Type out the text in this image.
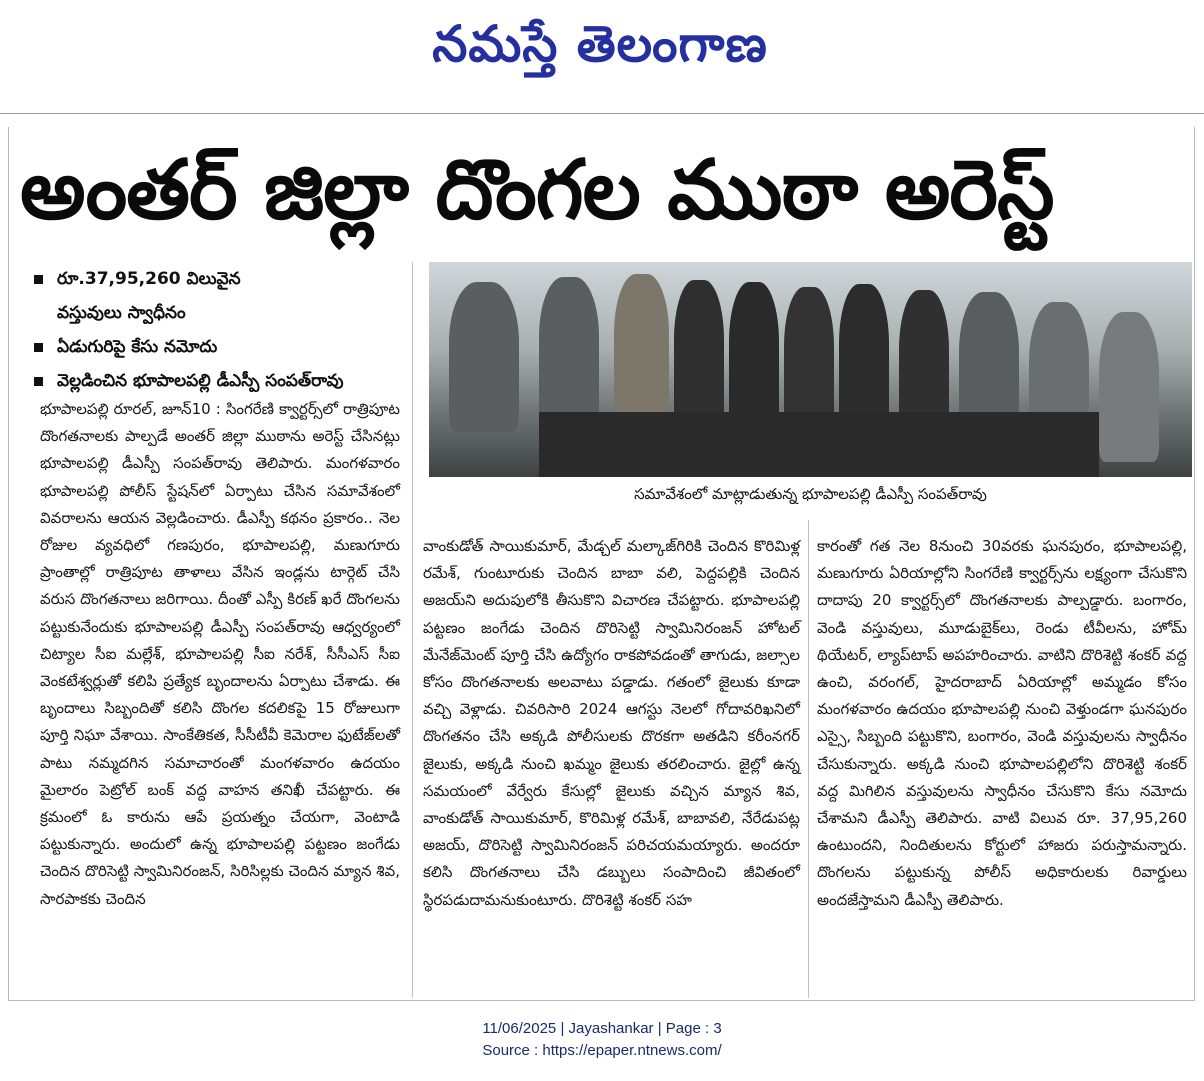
నమస్తే తెలంగాణ
అంతర్ జిల్లా దొంగల ముఠా అరెస్ట్
రూ.37,95,260 విలువైన
వస్తువులు స్వాధీనం
ఏడుగురిపై కేసు నమోదు
వెల్లడించిన భూపాలపల్లి డీఎస్పీ సంపత్‌రావు
సమావేశంలో మాట్లాడుతున్న భూపాలపల్లి డీఎస్పీ సంపత్‌రావు

భూపాలపల్లి రూరల్, జూన్10 : సింగరేణి క్వార్టర్స్‌లో రాత్రిపూట దొంగతనాలకు పాల్పడే అంతర్ జిల్లా ముఠాను అరెస్ట్ చేసినట్లు భూపాలపల్లి డీఎస్పీ సంపత్‌రావు తెలిపారు. మంగళవారం భూపాలపల్లి పోలీస్ స్టేషన్‌లో ఏర్పాటు చేసిన సమావేశంలో వివరాలను ఆయన వెల్లడించారు. డీఎస్పీ కథనం ప్రకారం.. నెల రోజుల వ్యవధిలో గణపురం, భూపాలపల్లి, మణుగూరు ప్రాంతాల్లో రాత్రిపూట తాళాలు వేసిన ఇండ్లను టార్గెట్ చేసి వరుస దొంగతనాలు జరిగాయి. దీంతో ఎస్పీ కిరణ్ ఖరే దొంగలను పట్టుకునేందుకు భూపాలపల్లి డీఎస్పీ సంపత్‌రావు ఆధ్వర్యంలో చిట్యాల సీఐ మల్లేశ్, భూపాలపల్లి సీఐ నరేశ్, సీసీఎస్ సీఐ వెంకటేశ్వర్లుతో కలిపి ప్రత్యేక బృందాలను ఏర్పాటు చేశాడు. ఈ బృందాలు సిబ్బందితో కలిసి దొంగల కదలికపై 15 రోజులుగా పూర్తి నిఘా వేశాయి. సాంకేతికత, సీసీటీవీ కెమెరాల ఫుటేజ్‌లతో పాటు నమ్మదగిన సమాచారంతో మంగళవారం ఉదయం మైలారం పెట్రోల్ బంక్ వద్ద వాహన తనిఖీ చేపట్టారు. ఈ క్రమంలో ఓ కారును ఆపే ప్రయత్నం చేయగా, వెంటాడి పట్టుకున్నారు. అందులో ఉన్న భూపాలపల్లి పట్టణం జంగేడు చెందిన దొరిసెట్టి స్వామినిరంజన్, సిరిసిల్లకు చెందిన మ్యాన శివ, సారపాకకు చెందిన

వాంకుడోత్ సాయికుమార్, మేడ్చల్ మల్కాజ్‌గిరికి చెందిన కొరిమిళ్ల రమేశ్, గుంటూరుకు చెందిన బాబా వలి, పెద్దపల్లికి చెందిన అజయ్‌ని అదుపులోకి తీసుకొని విచారణ చేపట్టారు. భూపాలపల్లి పట్టణం జంగేడు చెందిన దొరిసెట్టి స్వామినిరంజన్ హోటల్ మేనేజ్‌మెంట్ పూర్తి చేసి ఉద్యోగం రాకపోవడంతో తాగుడు, జల్సాల కోసం దొంగతనాలకు అలవాటు పడ్డాడు. గతంలో జైలుకు కూడా వచ్చి వెళ్లాడు. చివరిసారి 2024 ఆగస్టు నెలలో గోదావరిఖనిలో దొంగతనం చేసి అక్కడి పోలీసులకు దొరకగా అతడిని కరీంనగర్ జైలుకు, అక్కడి నుంచి ఖమ్మం జైలుకు తరలించారు. జైల్లో ఉన్న సమయంలో వేర్వేరు కేసుల్లో జైలుకు వచ్చిన మ్యాన శివ, వాంకుడోత్ సాయికుమార్, కొరిమిళ్ల రమేశ్, బాబావలి, నేరేడుపట్ల అజయ్, దొరిసెట్టి స్వామినిరంజన్ పరిచయమయ్యారు. అందరూ కలిసి దొంగతనాలు చేసి డబ్బులు సంపాదించి జీవితంలో స్థిరపడుదామనుకుంటూరు. దొరిశెట్టి శంకర్ సహ

కారంతో గత నెల 8నుంచి 30వరకు ఘనపురం, భూపాలపల్లి, మణుగూరు ఏరియాల్లోని సింగరేణి క్వార్టర్స్‌ను లక్ష్యంగా చేసుకొని దాదాపు 20 క్వార్టర్స్‌లో దొంగతనాలకు పాల్పడ్డారు. బంగారం, వెండి వస్తువులు, మూడుబైక్‌లు, రెండు టీవీలను, హోమ్ థియేటర్, ల్యాప్‌టాప్ అపహరించారు. వాటిని దొరిశెట్టి శంకర్ వద్ద ఉంచి, వరంగల్, హైదరాబాద్ ఏరియాల్లో అమ్మడం కోసం మంగళవారం ఉదయం భూపాలపల్లి నుంచి వెళ్తుండగా ఘనపురం ఎస్సై, సిబ్బంది పట్టుకొని, బంగారం, వెండి వస్తువులను స్వాధీనం చేసుకున్నారు. అక్కడి నుంచి భూపాలపల్లిలోని దొరిశెట్టి శంకర్ వద్ద మిగిలిన వస్తువులను స్వాధీనం చేసుకొని కేసు నమోదు చేశామని డీఎస్పీ తెలిపారు. వాటి విలువ రూ. 37,95,260 ఉంటుందని, నిందితులను కోర్టులో హాజరు పరుస్తామన్నారు. దొంగలను పట్టుకున్న పోలీస్ అధికారులకు రివార్డులు అందజేస్తామని డీఎస్పీ తెలిపారు.

11/06/2025 | Jayashankar | Page : 3
Source : https://epaper.ntnews.com/
